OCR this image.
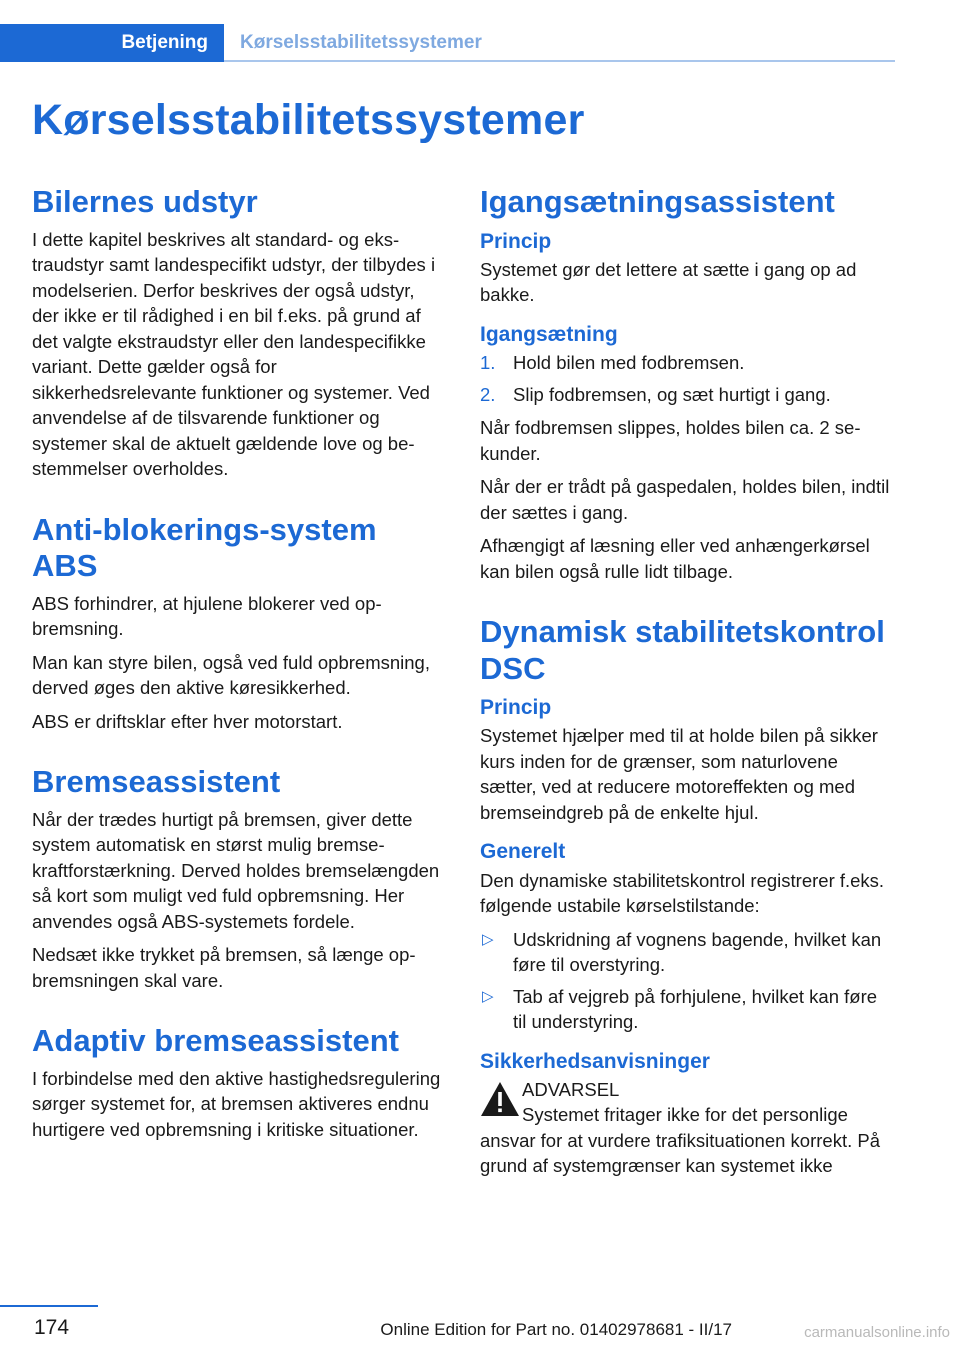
Betjening	Kørselsstabilitetssystemer
Kørselsstabilitetssystemer
Bilernes udstyr

I dette kapitel beskrives alt standard- og ekstraudstyr samt landespecifikt udstyr, der tilbydes i modelserien. Derfor beskrives der også udstyr, der ikke er til rådighed i en bil f.eks. på grund af det valgte ekstraudstyr eller den landespecifikke variant. Dette gælder også for sikkerhedsrelevante funktioner og systemer. Ved anvendelse af de tilsvarende funktioner og systemer skal de aktuelt gældende love og bestemmelser overholdes.

Anti-blokerings-system ABS

ABS forhindrer, at hjulene blokerer ved opbremsning.

Man kan styre bilen, også ved fuld opbremsning, derved øges den aktive køresikkerhed.

ABS er driftsklar efter hver motorstart.

Bremseassistent

Når der trædes hurtigt på bremsen, giver dette system automatisk en størst mulig bremsekraftforstærkning. Derved holdes bremselængden så kort som muligt ved fuld opbremsning. Her anvendes også ABS-systemets fordele.

Nedsæt ikke trykket på bremsen, så længe opbremsningen skal vare.

Adaptiv bremseassistent

I forbindelse med den aktive hastighedsregulering sørger systemet for, at bremsen aktiveres endnu hurtigere ved opbremsning i kritiske situationer.

Igangsætningsassistent
Princip

Systemet gør det lettere at sætte i gang op ad bakke.

Igangsætning
1. Hold bilen med fodbremsen.
2. Slip fodbremsen, og sæt hurtigt i gang.

Når fodbremsen slippes, holdes bilen ca. 2 sekunder.

Når der er trådt på gaspedalen, holdes bilen, indtil der sættes i gang.

Afhængigt af læsning eller ved anhængerkørsel kan bilen også rulle lidt tilbage.

Dynamisk stabilitetskontrol DSC
Princip

Systemet hjælper med til at holde bilen på sikker kurs inden for de grænser, som naturlovene sætter, ved at reducere motoreffekten og med bremseindgreb på de enkelte hjul.

Generelt

Den dynamiske stabilitetskontrol registrerer f.eks. følgende ustabile kørselstilstande:

▷ Udskridning af vognens bagende, hvilket kan føre til overstyring.
▷ Tab af vejgreb på forhjulene, hvilket kan føre til understyring.
Sikkerhedsanvisninger

ADVARSEL

Systemet fritager ikke for det personlige ansvar for at vurdere trafiksituationen korrekt. På grund af systemgrænser kan systemet ikke

174	Online Edition for Part no. 01402978681 - II/17	carmanualsonline.info
